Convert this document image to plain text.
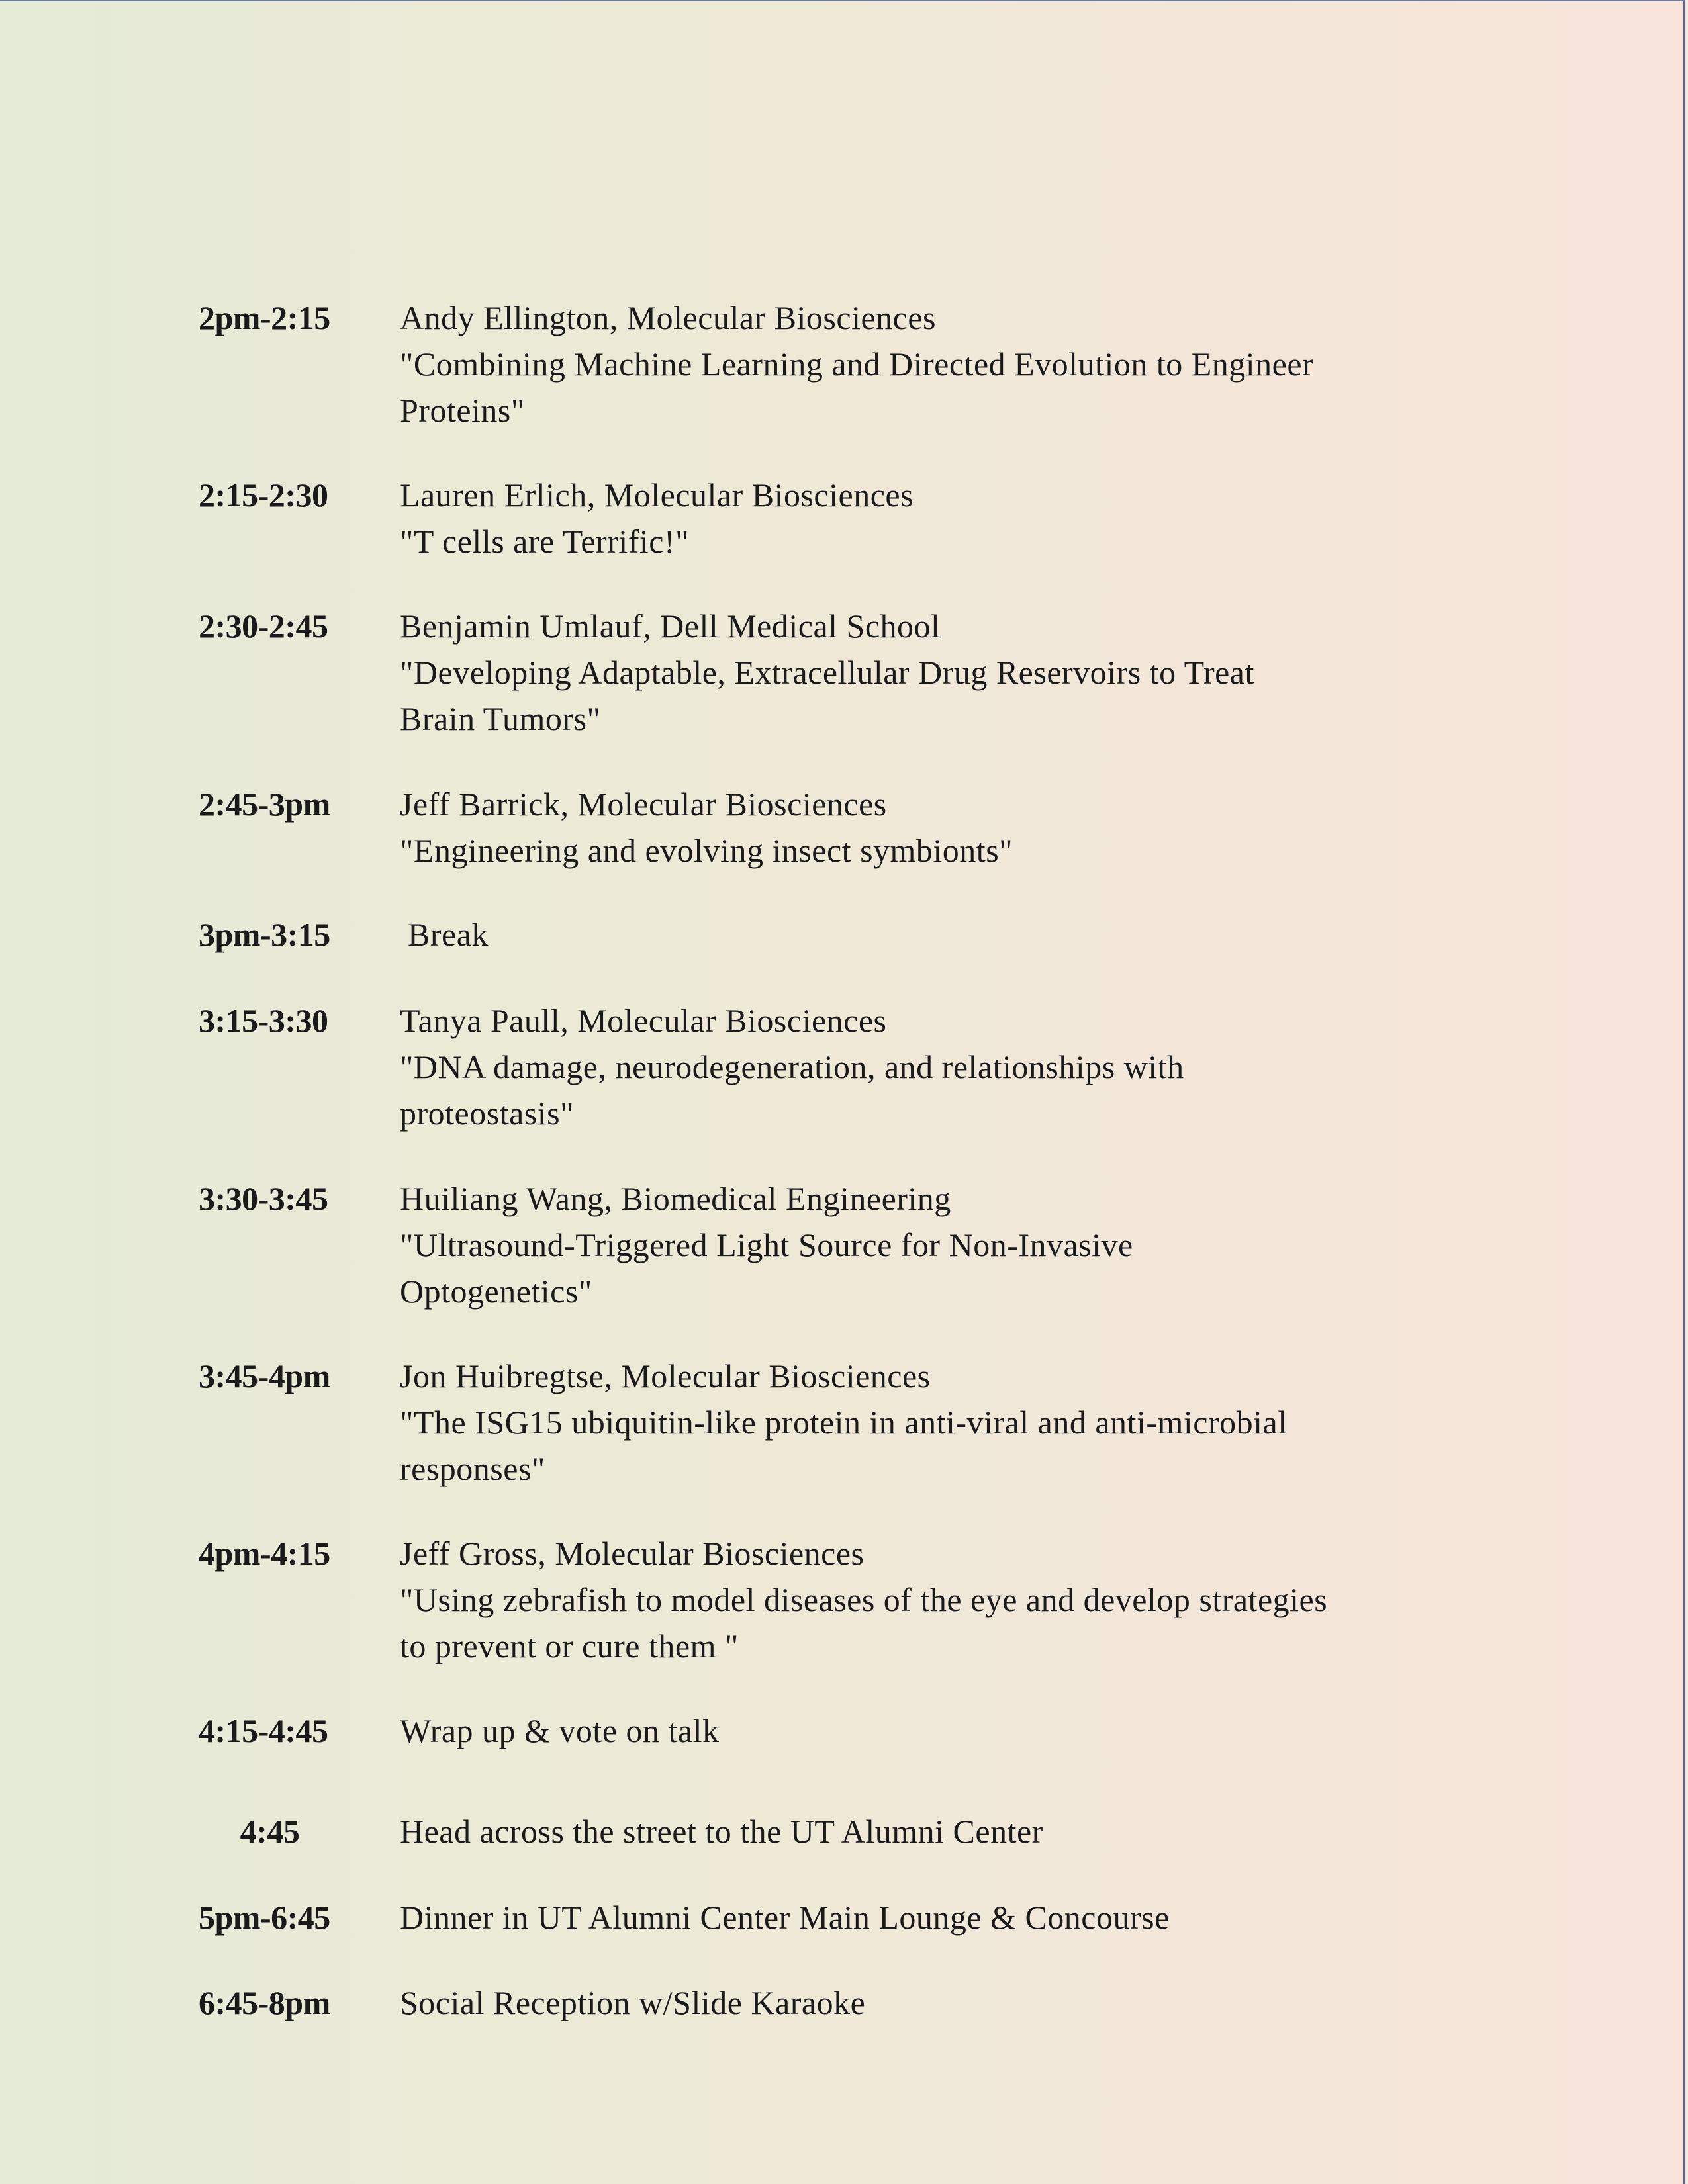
2pm-2:15	Andy Ellington, Molecular Biosciences
"Combining Machine Learning and Directed Evolution to Engineer
Proteins"
2:15-2:30	Lauren Erlich, Molecular Biosciences
"T cells are Terrific!"
2:30-2:45	Benjamin Umlauf, Dell Medical School
"Developing Adaptable, Extracellular Drug Reservoirs to Treat
Brain Tumors"
2:45-3pm	Jeff Barrick, Molecular Biosciences
"Engineering and evolving insect symbionts"
3pm-3:15	Break
3:15-3:30	Tanya Paull, Molecular Biosciences
"DNA damage, neurodegeneration, and relationships with
proteostasis"
3:30-3:45	Huiliang Wang, Biomedical Engineering
"Ultrasound-Triggered Light Source for Non-Invasive
Optogenetics"
3:45-4pm	Jon Huibregtse, Molecular Biosciences
"The ISG15 ubiquitin-like protein in anti-viral and anti-microbial
responses"
4pm-4:15	Jeff Gross, Molecular Biosciences
"Using zebrafish to model diseases of the eye and develop strategies
to prevent or cure them "
4:15-4:45	Wrap up & vote on talk
4:45	Head across the street to the UT Alumni Center
5pm-6:45	Dinner in UT Alumni Center Main Lounge & Concourse
6:45-8pm	Social Reception w/Slide Karaoke
